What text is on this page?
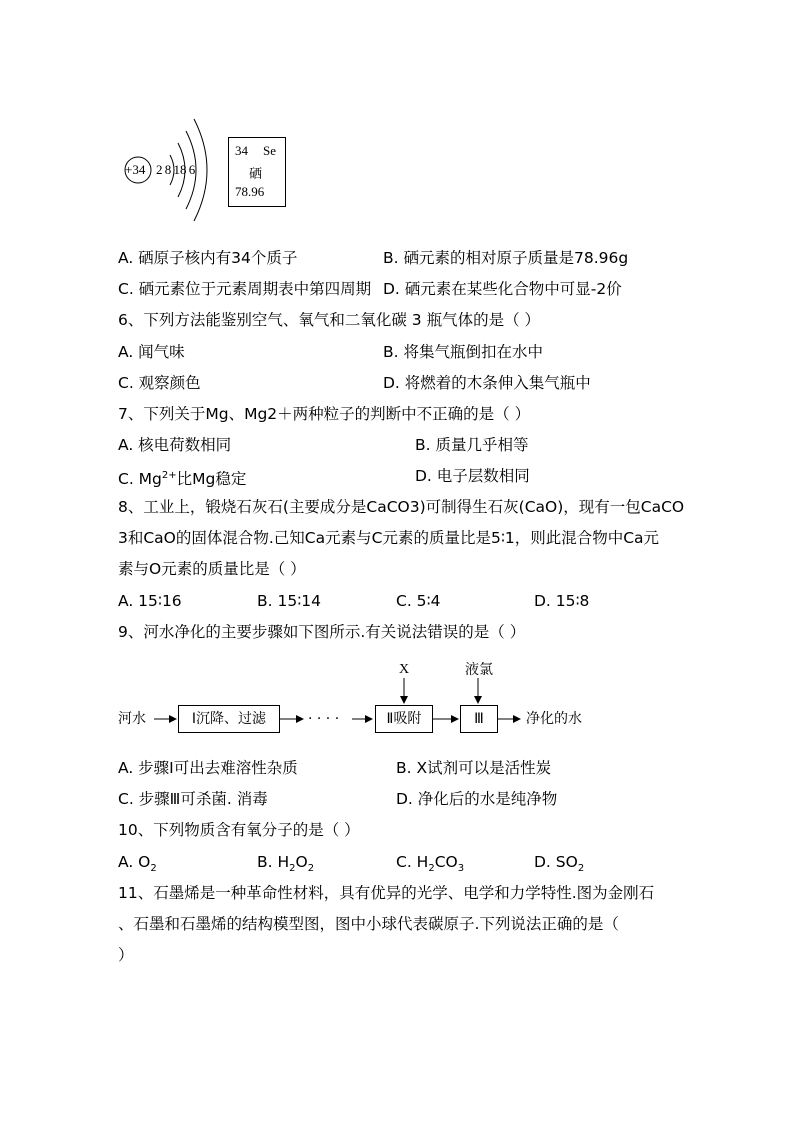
+34 2 8 18 6
34 Se
硒
78.96
A. 硒原子核内有34个质子	B. 硒元素的相对原子质量是78.96g
C. 硒元素位于元素周期表中第四周期 D. 硒元素在某些化合物中可显-2价
6、下列方法能鉴别空气、氧气和二氧化碳 3 瓶气体的是（ ）
A. 闻气味	B. 将集气瓶倒扣在水中
C. 观察颜色	D. 将燃着的木条伸入集气瓶中
7、下列关于Mg、Mg2＋两种粒子的判断中不正确的是（ ）
A. 核电荷数相同	B. 质量几乎相等
C. $Mg^{2+}$比Mg稳定	D. 电子层数相同
8、工业上，锻烧石灰石(主要成分是CaCO3)可制得生石灰(CaO)，现有一包CaCO
3和CaO的固体混合物.己知Ca元素与C元素的质量比是5∶1，则此混合物中Ca元
素与O元素的质量比是（ ）
A. 15∶16	B. 15∶14	C. 5∶4	D. 15∶8
9、河水净化的主要步骤如下图所示.有关说法错误的是（ ）
河水	Ⅰ沉降、过滤	· · · ·	Ⅱ吸附	Ⅲ	净化的水
X	液氯
A. 步骤Ⅰ可出去难溶性杂质	B. X试剂可以是活性炭
C. 步骤Ⅲ可杀菌. 消毒	D. 净化后的水是纯净物
10、下列物质含有氧分子的是（ ）
A. $O_2$	B. $H_2O_2$	C. $H_2CO_3$	D. $SO_2$
11、石墨烯是一种革命性材料，具有优异的光学、电学和力学特性.图为金刚石
、石墨和石墨烯的结构模型图，图中小球代表碳原子.下列说法正确的是（
）
